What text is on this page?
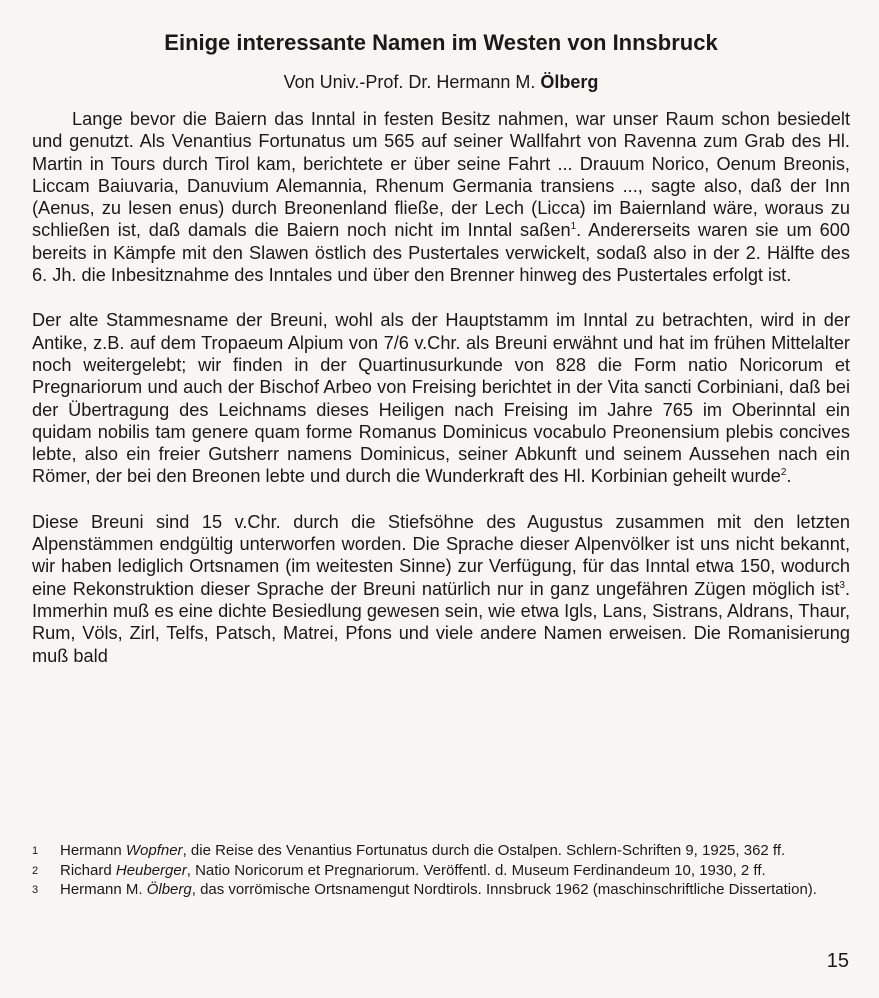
Einige interessante Namen im Westen von Innsbruck
Von Univ.-Prof. Dr. Hermann M. Ölberg

Lange bevor die Baiern das Inntal in festen Besitz nahmen, war unser Raum schon besiedelt und genutzt. Als Venantius Fortunatus um 565 auf seiner Wallfahrt von Ravenna zum Grab des Hl. Martin in Tours durch Tirol kam, berichtete er über seine Fahrt ... Drauum Norico, Oenum Breonis, Liccam Baiuvaria, Danuvium Alemannia, Rhenum Germania transiens ..., sagte also, daß der Inn (Aenus, zu lesen enus) durch Breonenland fließe, der Lech (Licca) im Baiernland wäre, woraus zu schließen ist, daß damals die Baiern noch nicht im Inntal saßen$^1$. Andererseits waren sie um 600 bereits in Kämpfe mit den Slawen östlich des Pustertales verwickelt, sodaß also in der 2. Hälfte des 6. Jh. die Inbesitznahme des Inntales und über den Brenner hinweg des Pustertales erfolgt ist.

Der alte Stammesname der Breuni, wohl als der Hauptstamm im Inntal zu betrachten, wird in der Antike, z.B. auf dem Tropaeum Alpium von 7/6 v.Chr. als Breuni erwähnt und hat im frühen Mittelalter noch weitergelebt; wir finden in der Quartinusurkunde von 828 die Form natio Noricorum et Pregnariorum und auch der Bischof Arbeo von Freising berichtet in der Vita sancti Corbiniani, daß bei der Übertragung des Leichnams dieses Heiligen nach Freising im Jahre 765 im Oberinntal ein quidam nobilis tam genere quam forme Romanus Dominicus vocabulo Preonensium plebis concives lebte, also ein freier Gutsherr namens Dominicus, seiner Abkunft und seinem Aussehen nach ein Römer, der bei den Breonen lebte und durch die Wunderkraft des Hl. Korbinian geheilt wurde$^2$.

Diese Breuni sind 15 v.Chr. durch die Stiefsöhne des Augustus zusammen mit den letzten Alpenstämmen endgültig unterworfen worden. Die Sprache dieser Alpenvölker ist uns nicht bekannt, wir haben lediglich Ortsnamen (im weitesten Sinne) zur Verfügung, für das Inntal etwa 150, wodurch eine Rekonstruktion dieser Sprache der Breuni natürlich nur in ganz ungefähren Zügen möglich ist$^3$. Immerhin muß es eine dichte Besiedlung gewesen sein, wie etwa Igls, Lans, Sistrans, Aldrans, Thaur, Rum, Völs, Zirl, Telfs, Patsch, Matrei, Pfons und viele andere Namen erweisen. Die Romanisierung muß bald

1	Hermann Wopfner, die Reise des Venantius Fortunatus durch die Ostalpen. Schlern-Schriften 9, 1925, 362 ff.
2	Richard Heuberger, Natio Noricorum et Pregnariorum. Veröffentl. d. Museum Ferdinandeum 10, 1930, 2 ff.
3	Hermann M. Ölberg, das vorrömische Ortsnamengut Nordtirols. Innsbruck 1962 (maschinschriftliche Dissertation).
15
